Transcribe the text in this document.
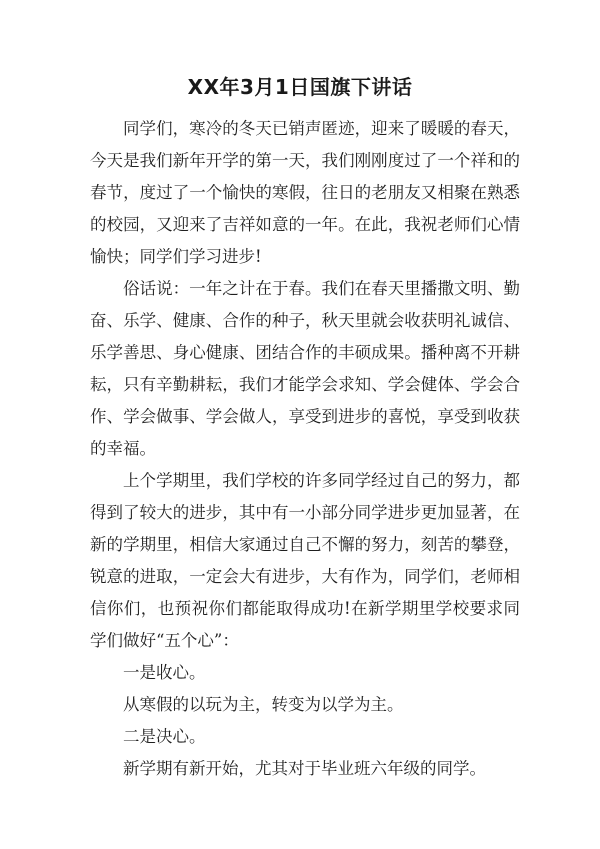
XX年3月1日国旗下讲话

同学们，寒冷的冬天已销声匿迹，迎来了暖暖的春天，今天是我们新年开学的第一天，我们刚刚度过了一个祥和的春节，度过了一个愉快的寒假，往日的老朋友又相聚在熟悉的校园，又迎来了吉祥如意的一年。在此，我祝老师们心情愉快；同学们学习进步!

俗话说：一年之计在于春。我们在春天里播撒文明、勤奋、乐学、健康、合作的种子，秋天里就会收获明礼诚信、乐学善思、身心健康、团结合作的丰硕成果。播种离不开耕耘，只有辛勤耕耘，我们才能学会求知、学会健体、学会合作、学会做事、学会做人，享受到进步的喜悦，享受到收获的幸福。

上个学期里，我们学校的许多同学经过自己的努力，都得到了较大的进步，其中有一小部分同学进步更加显著，在新的学期里，相信大家通过自己不懈的努力，刻苦的攀登，锐意的进取，一定会大有进步，大有作为，同学们，老师相信你们，也预祝你们都能取得成功!在新学期里学校要求同学们做好“五个心”：

一是收心。

从寒假的以玩为主，转变为以学为主。

二是决心。

新学期有新开始，尤其对于毕业班六年级的同学。
